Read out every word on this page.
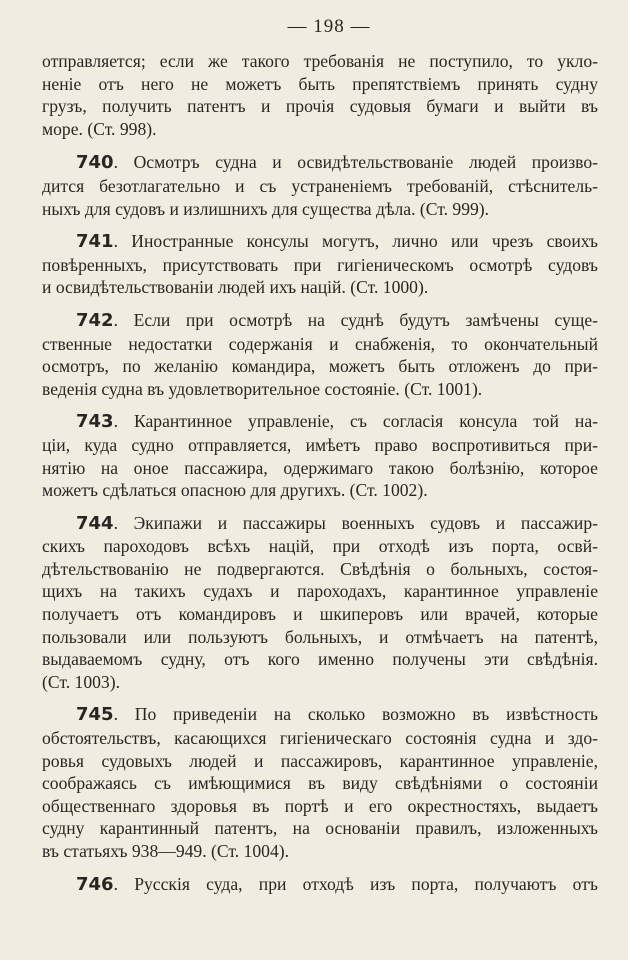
— 198 —
отправляется; если же такого требованія не поступило, то укло-
неніе отъ него не можетъ быть препятствіемъ принять судну
грузъ, получить патентъ и прочія судовыя бумаги и выйти въ
море. (Ст. 998).
740. Осмотръ судна и освидѣтельствованіе людей произво-
дится безотлагательно и съ устраненіемъ требованій, стѣснитель-
ныхъ для судовъ и излишнихъ для существа дѣла. (Ст. 999).
741. Иностранные консулы могутъ, лично или чрезъ своихъ
повѣренныхъ, присутствовать при гигіеническомъ осмотрѣ судовъ
и освидѣтельствованіи людей ихъ націй. (Ст. 1000).
742. Если при осмотрѣ на суднѣ будутъ замѣчены суще-
ственные недостатки содержанія и снабженія, то окончательный
осмотръ, по желанію командира, можетъ быть отложенъ до при-
веденія судна въ удовлетворительное состояніе. (Ст. 1001).
743. Карантинное управленіе, съ согласія консула той на-
ціи, куда судно отправляется, имѣетъ право воспротивиться при-
нятію на оное пассажира, одержимаго такою болѣзнію, которое
можетъ сдѣлаться опасною для другихъ. (Ст. 1002).
744. Экипажи и пассажиры военныхъ судовъ и пассажир-
скихъ пароходовъ всѣхъ націй, при отходѣ изъ порта, освй-
дѣтельствованію не подвергаются. Свѣдѣнія о больныхъ, состоя-
щихъ на такихъ судахъ и пароходахъ, карантинное управленіе
получаетъ отъ командировъ и шкиперовъ или врачей, которые
пользовали или пользуютъ больныхъ, и отмѣчаетъ на патентѣ,
выдаваемомъ судну, отъ кого именно получены эти свѣдѣнія.
(Ст. 1003).
745. По приведеніи на сколько возможно въ извѣстность
обстоятельствъ, касающихся гигіеническаго состоянія судна и здо-
ровья судовыхъ людей и пассажировъ, карантинное управленіе,
соображаясь съ имѣющимися въ виду свѣдѣніями о состояніи
общественнаго здоровья въ портѣ и его окрестностяхъ, выдаетъ
судну карантинный патентъ, на основаніи правилъ, изложенныхъ
въ статьяхъ 938—949. (Ст. 1004).
746. Русскія суда, при отходѣ изъ порта, получаютъ отъ
